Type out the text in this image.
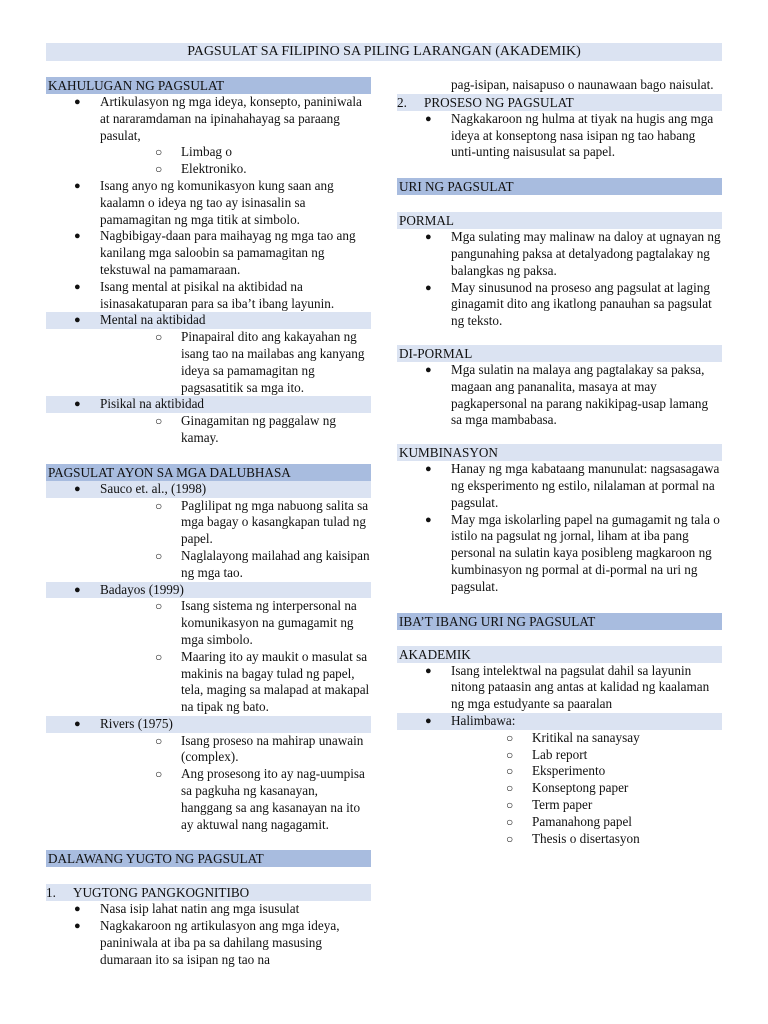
PAGSULAT SA FILIPINO SA PILING LARANGAN (AKADEMIK)
KAHULUGAN NG PAGSULAT
● Artikulasyon ng mga ideya, konsepto, paniniwala at nararamdaman na ipinahahayag sa paraang pasulat,
○ Limbag o
○ Elektroniko.
● Isang anyo ng komunikasyon kung saan ang kaalamn o ideya ng tao ay isinasalin sa pamamagitan ng mga titik at simbolo.
● Nagbibigay-daan para maihayag ng mga tao ang kanilang mga saloobin sa pamamagitan ng tekstuwal na pamamaraan.
● Isang mental at pisikal na aktibidad na isinasakatuparan para sa iba’t ibang layunin.
● Mental na aktibidad
○ Pinapairal dito ang kakayahan ng isang tao na mailabas ang kanyang ideya sa pamamagitan ng pagsasatitik sa mga ito.
● Pisikal na aktibidad
○ Ginagamitan ng paggalaw ng kamay.
PAGSULAT AYON SA MGA DALUBHASA
● Sauco et. al., (1998)
○ Paglilipat ng mga nabuong salita sa mga bagay o kasangkapan tulad ng papel.
○ Naglalayong mailahad ang kaisipan ng mga tao.
● Badayos (1999)
○ Isang sistema ng interpersonal na komunikasyon na gumagamit ng mga simbolo.
○ Maaring ito ay maukit o masulat sa makinis na bagay tulad ng papel, tela, maging sa malapad at makapal na tipak ng bato.
● Rivers (1975)
○ Isang proseso na mahirap unawain (complex).
○ Ang prosesong ito ay nag-uumpisa sa pagkuha ng kasanayan, hanggang sa ang kasanayan na ito ay aktuwal nang nagagamit.
DALAWANG YUGTO NG PAGSULAT
1. YUGTONG PANGKOGNITIBO
● Nasa isip lahat natin ang mga isusulat
● Nagkakaroon ng artikulasyon ang mga ideya, paniniwala at iba pa sa dahilang masusing dumaraan ito sa isipan ng tao na
pag-isipan, naisapuso o naunawaan bago naisulat.
2. PROSESO NG PAGSULAT
● Nagkakaroon ng hulma at tiyak na hugis ang mga ideya at konseptong nasa isipan ng tao habang unti-unting naisusulat sa papel.
URI NG PAGSULAT
PORMAL
● Mga sulating may malinaw na daloy at ugnayan ng pangunahing paksa at detalyadong pagtalakay ng balangkas ng paksa.
● May sinusunod na proseso ang pagsulat at laging ginagamit dito ang ikatlong panauhan sa pagsulat ng teksto.
DI-PORMAL
● Mga sulatin na malaya ang pagtalakay sa paksa, magaan ang pananalita, masaya at may pagkapersonal na parang nakikipag-usap lamang sa mga mambabasa.
KUMBINASYON
● Hanay ng mga kabataang manunulat: nagsasagawa ng eksperimento ng estilo, nilalaman at pormal na pagsulat.
● May mga iskolarling papel na gumagamit ng tala o istilo na pagsulat ng jornal, liham at iba pang personal na sulatin kaya posibleng magkaroon ng kumbinasyon ng pormal at di-pormal na uri ng pagsulat.
IBA’T IBANG URI NG PAGSULAT
AKADEMIK
● Isang intelektwal na pagsulat dahil sa layunin nitong pataasin ang antas at kalidad ng kaalaman ng mga estudyante sa paaralan
● Halimbawa:
○ Kritikal na sanaysay
○ Lab report
○ Eksperimento
○ Konseptong paper
○ Term paper
○ Pamanahong papel
○ Thesis o disertasyon
